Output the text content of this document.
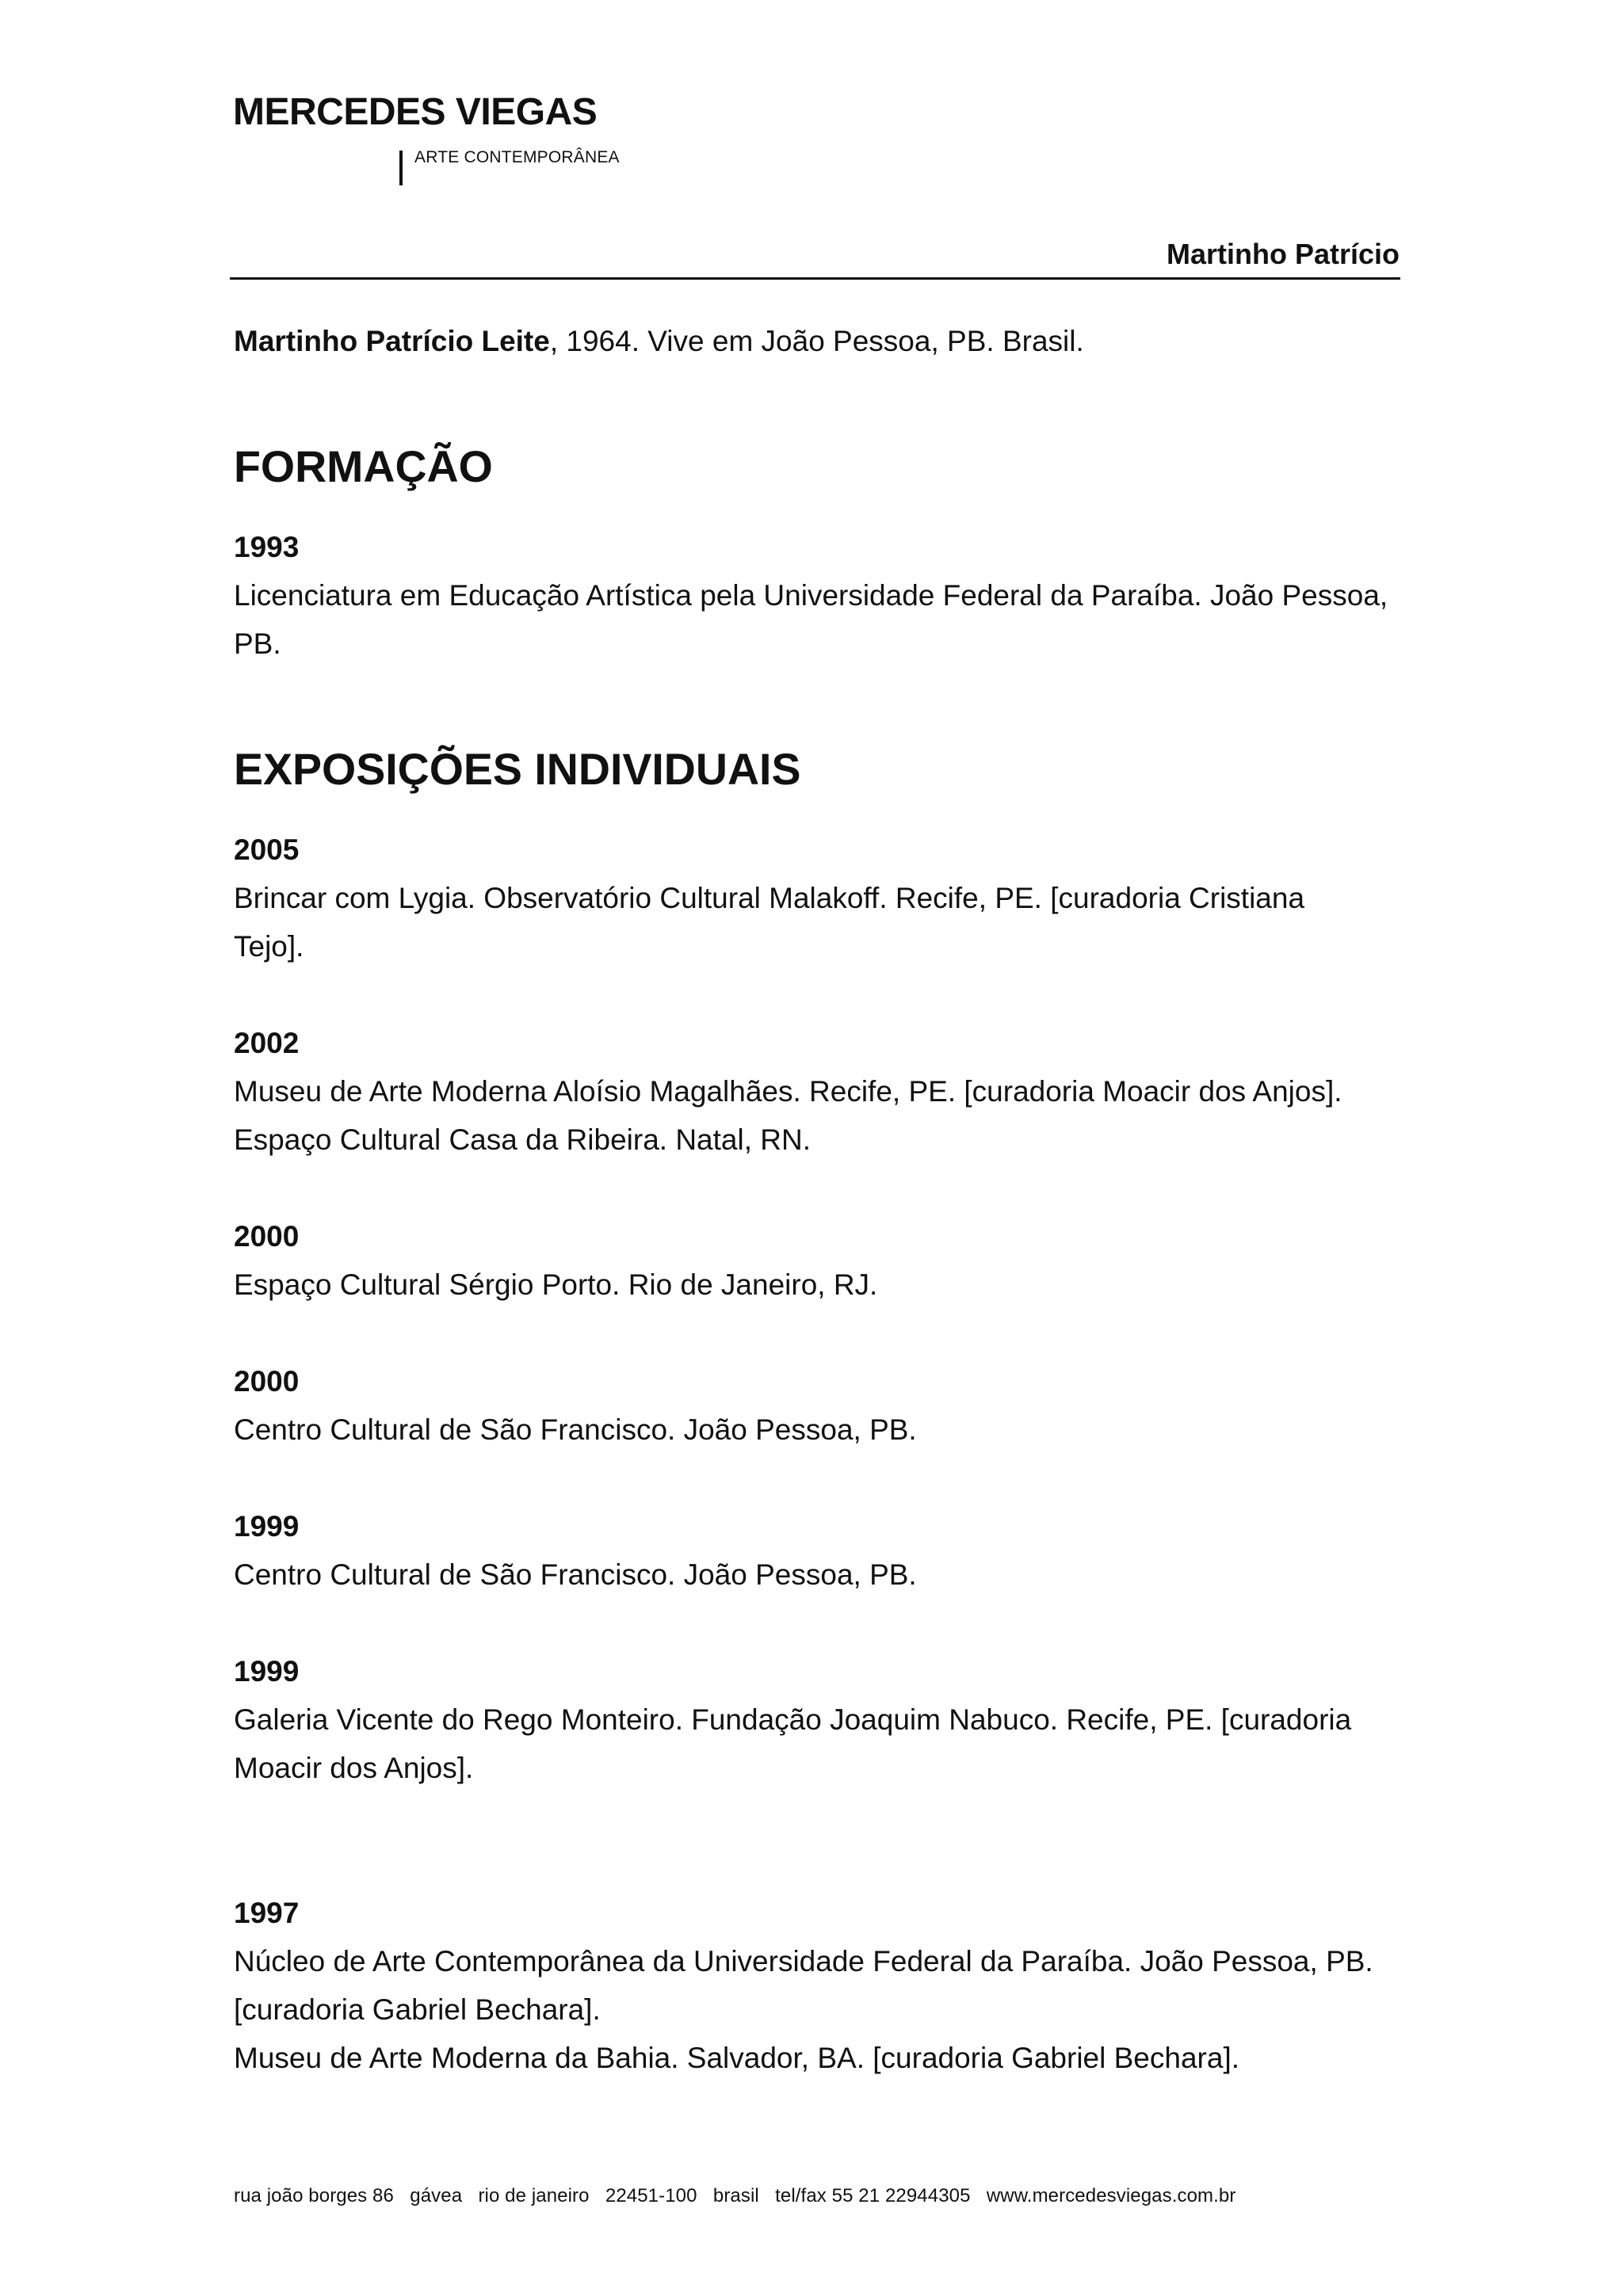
MERCEDES VIEGAS
ARTE CONTEMPORÂNEA
Martinho Patrício

Martinho Patrício Leite, 1964. Vive em João Pessoa, PB. Brasil.

FORMAÇÃO

1993

Licenciatura em Educação Artística pela Universidade Federal da Paraíba. João Pessoa,

PB.

EXPOSIÇÕES INDIVIDUAIS

2005

Brincar com Lygia. Observatório Cultural Malakoff. Recife, PE. [curadoria Cristiana

Tejo].

2002

Museu de Arte Moderna Aloísio Magalhães. Recife, PE. [curadoria Moacir dos Anjos].

Espaço Cultural Casa da Ribeira. Natal, RN.

2000

Espaço Cultural Sérgio Porto. Rio de Janeiro, RJ.

2000

Centro Cultural de São Francisco. João Pessoa, PB.

1999

Centro Cultural de São Francisco. João Pessoa, PB.

1999

Galeria Vicente do Rego Monteiro. Fundação Joaquim Nabuco. Recife, PE. [curadoria

Moacir dos Anjos].

1997

Núcleo de Arte Contemporânea da Universidade Federal da Paraíba. João Pessoa, PB.

[curadoria Gabriel Bechara].

Museu de Arte Moderna da Bahia. Salvador, BA. [curadoria Gabriel Bechara].

rua joão borges 86   gávea   rio de janeiro   22451-100   brasil   tel/fax 55 21 22944305   www.mercedesviegas.com.br
